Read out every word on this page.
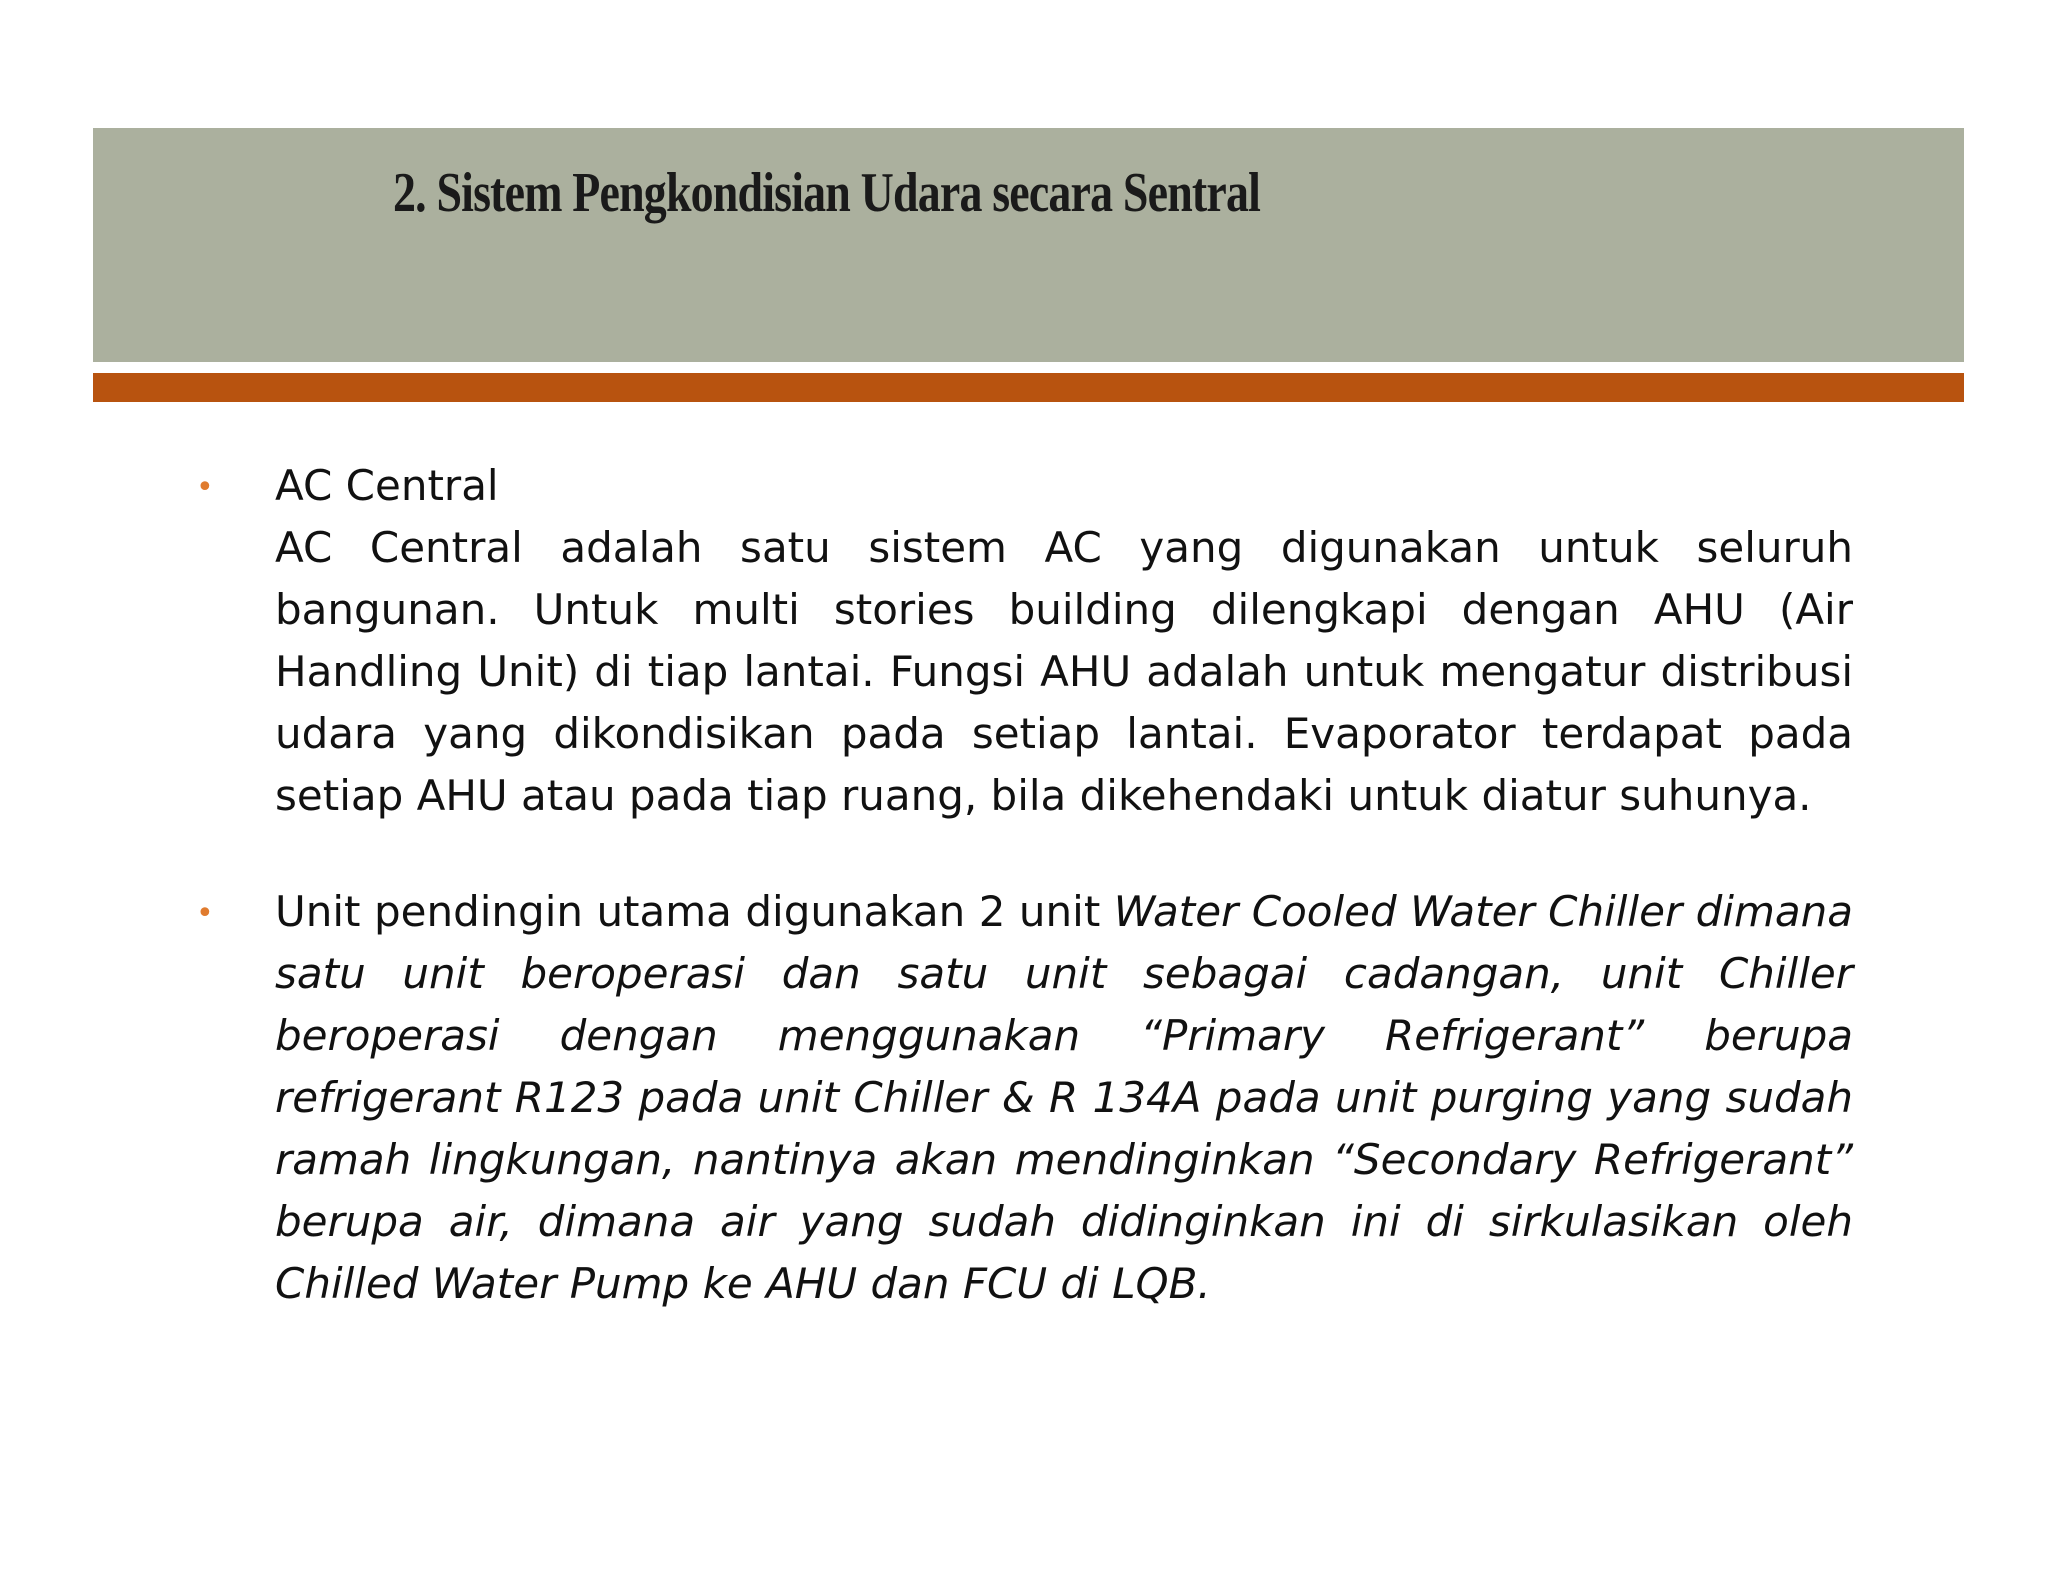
2. Sistem Pengkondisian Udara secara Sentral
• AC Central

AC Central adalah satu sistem AC yang digunakan untuk seluruh bangunan. Untuk multi stories building dilengkapi dengan AHU (Air Handling Unit) di tiap lantai. Fungsi AHU adalah untuk mengatur distribusi udara yang dikondisikan pada setiap lantai. Evaporator terdapat pada setiap AHU atau pada tiap ruang, bila dikehendaki untuk diatur suhunya.

• Unit pendingin utama digunakan 2 unit Water Cooled Water Chiller dimana satu unit beroperasi dan satu unit sebagai cadangan, unit Chiller beroperasi dengan menggunakan “Primary Refrigerant” berupa refrigerant R123 pada unit Chiller & R 134A pada unit purging yang sudah ramah lingkungan, nantinya akan mendinginkan “Secondary Refrigerant” berupa air, dimana air yang sudah didinginkan ini di sirkulasikan oleh Chilled Water Pump ke AHU dan FCU di LQB.
